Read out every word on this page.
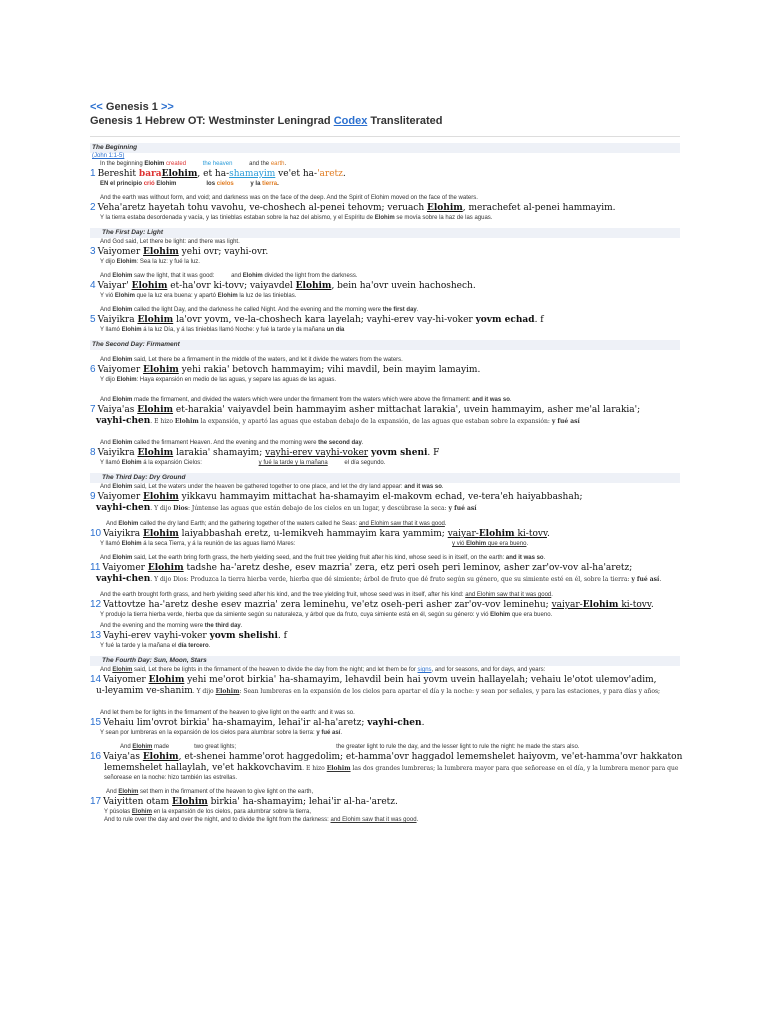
<< Genesis 1 >>
Genesis 1 Hebrew OT: Westminster Leningrad Codex Transliterated
The Beginning
(John 1:1-5)
In the beginning Elohim created	the heaven	and the earth.
1 Bereshit baraElohim, et ha-shamayim ve'et ha-'aretz.
EN el principio crió Elohim	los cielos	y la tierra.
And the earth was without form, and void; and darkness was on the face of the deep. And the Spirit of Elohim moved on the face of the waters.
2 Veha'aretz hayetah tohu vavohu, ve-choshech al-penei tehovm; veruach Elohim, merachefet al-penei hammayim.
Y la tierra estaba desordenada y vacía, y las tinieblas estaban sobre la haz del abismo, y el Espíritu de Elohim se movía sobre la haz de las aguas.
The First Day: Light
And God said, Let there be light: and there was light.
3 Vaiyomer Elohim yehi ovr; vayhi-ovr.
Y dijo Elohim: Sea la luz: y fué la luz.
And Elohim saw the light, that it was good:	and Elohim divided the light from the darkness.
4 Vaiyar' Elohim et-ha'ovr ki-tovv; vaiyavdel Elohim, bein ha'ovr uvein hachoshech.
Y vió Elohim que la luz era buena: y apartó Elohim la luz de las tinieblas.
And Elohim called the light Day, and the darkness he called Night. And the evening and the morning were the first day.
5 Vaiyikra Elohim la'ovr yovm, ve-la-choshech kara layelah; vayhi-erev vay-hi-voker yovm echad. f
Y llamó Elohim á la luz Día, y á las tinieblas llamó Noche: y fué la tarde y la mañana un día
The Second Day: Firmament
And Elohim said, Let there be a firmament in the middle of the waters, and let it divide the waters from the waters.
6 Vaiyomer Elohim yehi rakia' betovch hammayim; vihi mavdil, bein mayim lamayim.
Y dijo Elohim: Haya expansión en medio de las aguas, y separe las aguas de las aguas.
And Elohim made the firmament, and divided the waters which were under the firmament from the waters which were above the firmament: and it was so.
7 Vaiya'as Elohim et-harakia' vaiyavdel bein hammayim asher mittachat larakia', uvein hammayim, asher me'al larakia';
vayhi-chen. E hizo Elohim la expansión, y apartó las aguas que estaban debajo de la expansión, de las aguas que estaban sobre la expansión: y fué así
And Elohim called the firmament Heaven. And the evening and the morning were the second day.
8 Vaiyikra Elohim larakia' shamayim; vayhi-erev vayhi-voker yovm sheni. F
Y llamó Elohim á la expansión Cielos:	y fué la tarde y la mañana	el día segundo.
The Third Day: Dry Ground
And Elohim said, Let the waters under the heaven be gathered together to one place, and let the dry land appear: and it was so.
9 Vaiyomer Elohim yikkavu hammayim mittachat ha-shamayim el-makovm echad, ve-tera'eh haiyabbashah;
vayhi-chen. Y dijo Dios: Júntense las aguas que están debajo de los cielos en un lugar, y descúbrase la seca: y fué así
And Elohim called the dry land Earth; and the gathering together of the waters called he Seas: and Elohim saw that it was good.
10 Vaiyikra Elohim laiyabbashah eretz, u-lemikveh hammayim kara yammim; vaiyar-Elohim ki-tovv.
Y llamó Elohim á la seca Tierra, y á la reunión de las aguas llamó Mares:	y vió Elohim que era bueno.
And Elohim said, Let the earth bring forth grass, the herb yielding seed, and the fruit tree yielding fruit after his kind, whose seed is in itself, on the earth: and it was so.
11 Vaiyomer Elohim tadshe ha-'aretz deshe, esev mazria' zera, etz peri oseh peri leminov, asher zar'ov-vov al-ha'aretz;
vayhi-chen. Y dijo Dios: Produzca la tierra hierba verde, hierba que dé simiente; árbol de fruto que dé fruto según su género, que su simiente esté en él, sobre la tierra: y fué así.
And the earth brought forth grass, and herb yielding seed after his kind, and the tree yielding fruit, whose seed was in itself, after his kind: and Elohim saw that it was good.
12 Vattovtze ha-'aretz deshe esev mazria' zera leminehu, ve'etz oseh-peri asher zar'ov-vov leminehu; vaiyar-Elohim ki-tovv.
Y produjo la tierra hierba verde, hierba que da simiente según su naturaleza, y árbol que da fruto, cuya simiente está en él, según su género: y vió Elohim que era bueno.
And the evening and the morning were the third day.
13 Vayhi-erev vayhi-voker yovm shelishi. f
Y fué la tarde y la mañana el día tercero.
The Fourth Day: Sun, Moon, Stars
And Elohim said, Let there be lights in the firmament of the heaven to divide the day from the night; and let them be for signs, and for seasons, and for days, and years:
14 Vaiyomer Elohim yehi me'orot birkia' ha-shamayim, lehavdil bein hai yovm uvein hallayelah; vehaiu le'otot ulemov'adim,
u-leyamim ve-shanim. Y dijo Elohim: Sean lumbreras en la expansión de los cielos para apartar el día y la noche: y sean por señales, y para las estaciones, y para días y años;
And let them be for lights in the firmament of the heaven to give light on the earth: and it was so.
15 Vehaiu lim'ovrot birkia' ha-shamayim, lehai'ir al-ha'aretz; vayhi-chen.
Y sean por lumbreras en la expansión de los cielos para alumbrar sobre la tierra: y fué así.
And Elohim made	two great lights;	the greater light to rule the day, and the lesser light to rule the night: he made the stars also.
16 Vaiya'as Elohim, et-shenei hamme'orot haggedolim; et-hamma'ovr haggadol lememshelet haiyovm, ve'et-hamma'ovr hakkaton
lememshelet hallaylah, ve'et hakkovchavim. E hizo Elohim las dos grandes lumbreras; la lumbrera mayor para que señorease en el día, y la lumbrera menor para que
señorease en la noche: hizo también las estrellas.
And Elohim set them in the firmament of the heaven to give light on the earth,
17 Vaiyitten otam Elohim birkia' ha-shamayim; lehai'ir al-ha-'aretz.
Y púsolas Elohim en la expansión de los cielos, para alumbrar sobre la tierra,
And to rule over the day and over the night, and to divide the light from the darkness: and Elohim saw that it was good.
